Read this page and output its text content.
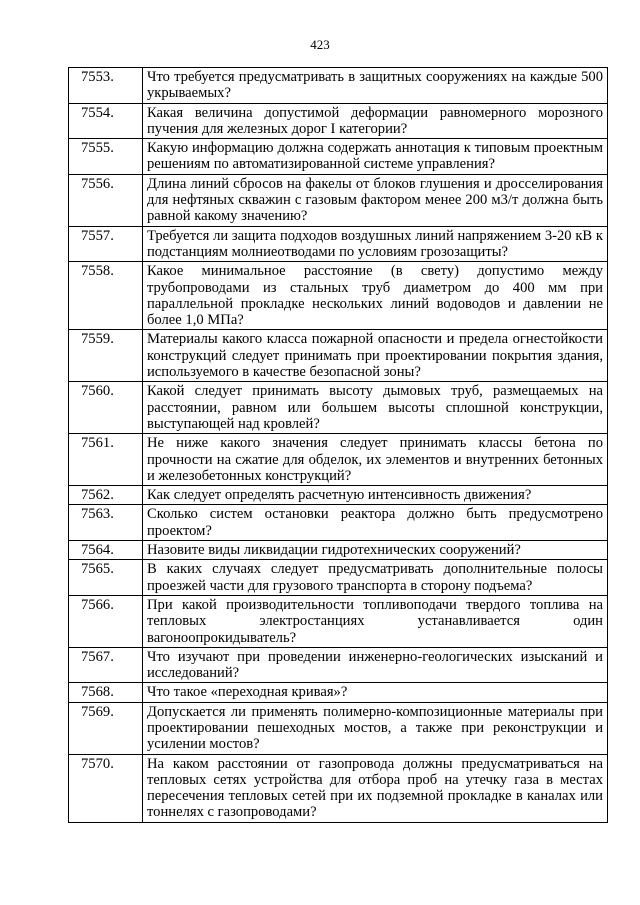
423
7553.	Что требуется предусматривать в защитных сооружениях на каждые 500 укрываемых?
7554.	Какая величина допустимой деформации равномерного морозного пучения для железных дорог I категории?
7555.	Какую информацию должна содержать аннотация к типовым проектным решениям по автоматизированной системе управления?
7556.	Длина линий сбросов на факелы от блоков глушения и дросселирования для нефтяных скважин с газовым фактором менее 200 м3/т должна быть равной какому значению?
7557.	Требуется ли защита подходов воздушных линий напряжением 3-20 кВ к подстанциям молниеотводами по условиям грозозащиты?
7558.	Какое минимальное расстояние (в свету) допустимо между трубопроводами из стальных труб диаметром до 400 мм при параллельной прокладке нескольких линий водоводов и давлении не более 1,0 МПа?
7559.	Материалы какого класса пожарной опасности и предела огнестойкости конструкций следует принимать при проектировании покрытия здания, используемого в качестве безопасной зоны?
7560.	Какой следует принимать высоту дымовых труб, размещаемых на расстоянии, равном или большем высоты сплошной конструкции, выступающей над кровлей?
7561.	Не ниже какого значения следует принимать классы бетона по прочности на сжатие для обделок, их элементов и внутренних бетонных и железобетонных конструкций?
7562.	Как следует определять расчетную интенсивность движения?
7563.	Сколько систем остановки реактора должно быть предусмотрено проектом?
7564.	Назовите виды ликвидации гидротехнических сооружений?
7565.	В каких случаях следует предусматривать дополнительные полосы проезжей части для грузового транспорта в сторону подъема?
7566.	При какой производительности топливоподачи твердого топлива на тепловых электростанциях устанавливается один вагоноопрокидыватель?
7567.	Что изучают при проведении инженерно-геологических изысканий и исследований?
7568.	Что такое «переходная кривая»?
7569.	Допускается ли применять полимерно-композиционные материалы при проектировании пешеходных мостов, а также при реконструкции и усилении мостов?
7570.	На каком расстоянии от газопровода должны предусматриваться на тепловых сетях устройства для отбора проб на утечку газа в местах пересечения тепловых сетей при их подземной прокладке в каналах или тоннелях с газопроводами?
